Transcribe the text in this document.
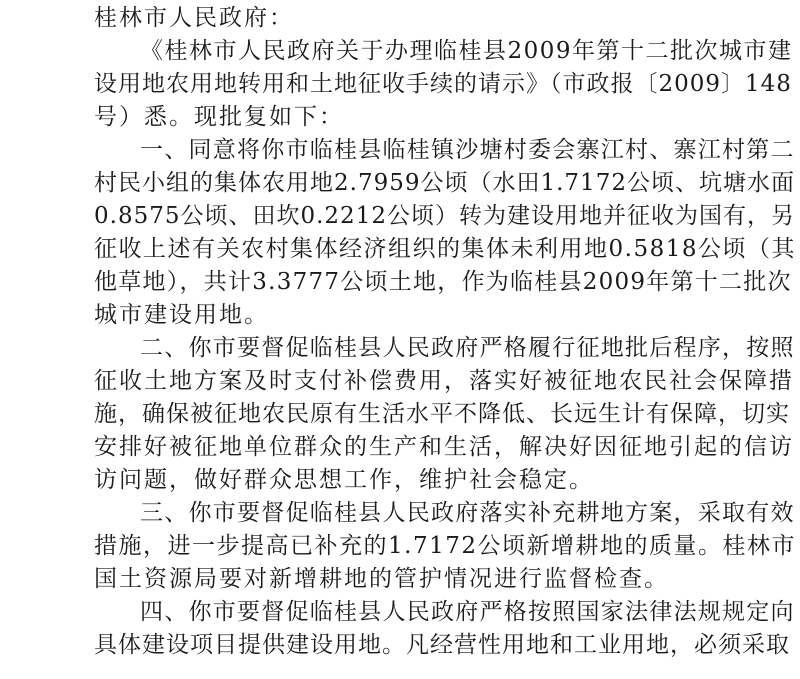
桂林市人民政府：
《桂林市人民政府关于办理临桂县2009年第十二批次城市建
设用地农用地转用和土地征收手续的请示》（市政报〔2009〕148
号）悉。现批复如下：
一、同意将你市临桂县临桂镇沙塘村委会寨江村、寨江村第二
村民小组的集体农用地2.7959公顷（水田1.7172公顷、坑塘水面
0.8575公顷、田坎0.2212公顷）转为建设用地并征收为国有，另
征收上述有关农村集体经济组织的集体未利用地0.5818公顷（其
他草地），共计3.3777公顷土地，作为临桂县2009年第十二批次
城市建设用地。
二、你市要督促临桂县人民政府严格履行征地批后程序，按照
征收土地方案及时支付补偿费用，落实好被征地农民社会保障措
施，确保被征地农民原有生活水平不降低、长远生计有保障，切实
安排好被征地单位群众的生产和生活，解决好因征地引起的信访
访问题，做好群众思想工作，维护社会稳定。
三、你市要督促临桂县人民政府落实补充耕地方案，采取有效
措施，进一步提高已补充的1.7172公顷新增耕地的质量。桂林市
国土资源局要对新增耕地的管护情况进行监督检查。
四、你市要督促临桂县人民政府严格按照国家法律法规规定向
具体建设项目提供建设用地。凡经营性用地和工业用地，必须采取
